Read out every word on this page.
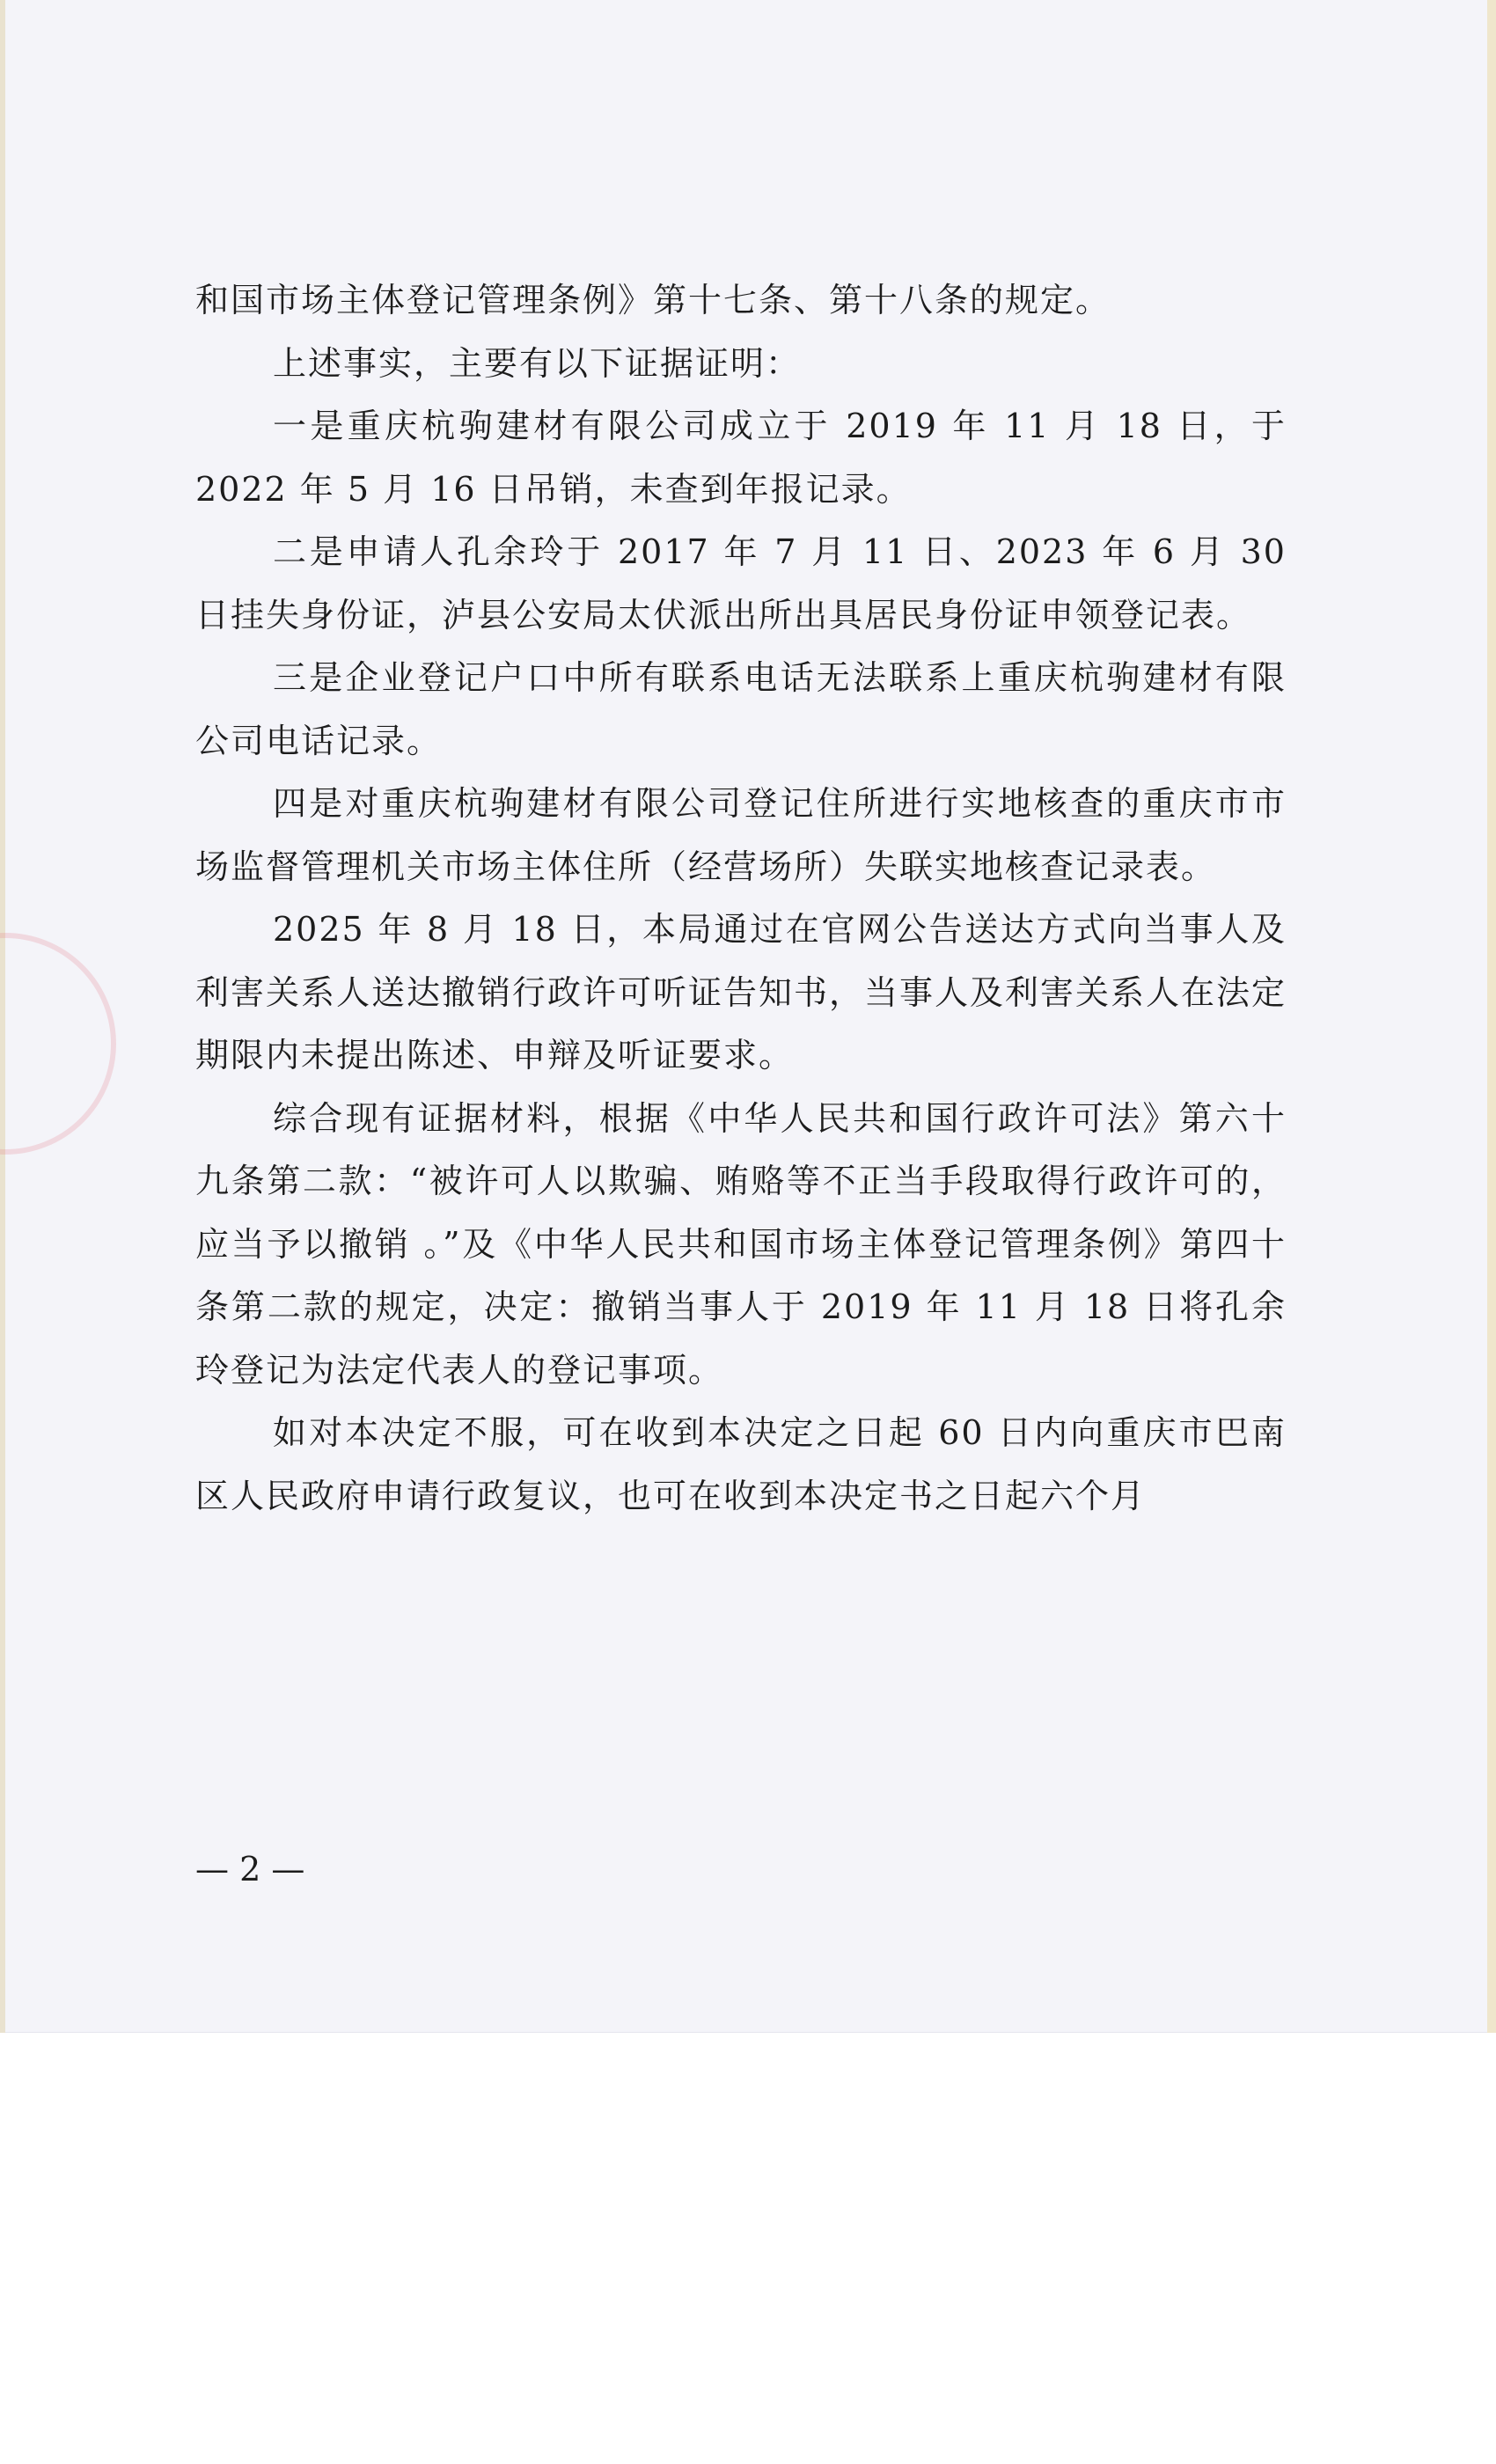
和国市场主体登记管理条例》第十七条、第十八条的规定。

上述事实，主要有以下证据证明：

一是重庆杭驹建材有限公司成立于 2019 年 11 月 18 日，于 2022 年 5 月 16 日吊销，未查到年报记录。

二是申请人孔余玲于 2017 年 7 月 11 日、2023 年 6 月 30 日挂失身份证，泸县公安局太伏派出所出具居民身份证申领登记表。

三是企业登记户口中所有联系电话无法联系上重庆杭驹建材有限公司电话记录。

四是对重庆杭驹建材有限公司登记住所进行实地核查的重庆市市场监督管理机关市场主体住所（经营场所）失联实地核查记录表。

2025 年 8 月 18 日，本局通过在官网公告送达方式向当事人及利害关系人送达撤销行政许可听证告知书，当事人及利害关系人在法定期限内未提出陈述、申辩及听证要求。

综合现有证据材料，根据《中华人民共和国行政许可法》第六十九条第二款：“被许可人以欺骗、贿赂等不正当手段取得行政许可的，应当予以撤销 。”及《中华人民共和国市场主体登记管理条例》第四十条第二款的规定，决定：撤销当事人于 2019 年 11 月 18 日将孔余玲登记为法定代表人的登记事项。

如对本决定不服，可在收到本决定之日起 60 日内向重庆市巴南区人民政府申请行政复议，也可在收到本决定书之日起六个月

— 2 —
